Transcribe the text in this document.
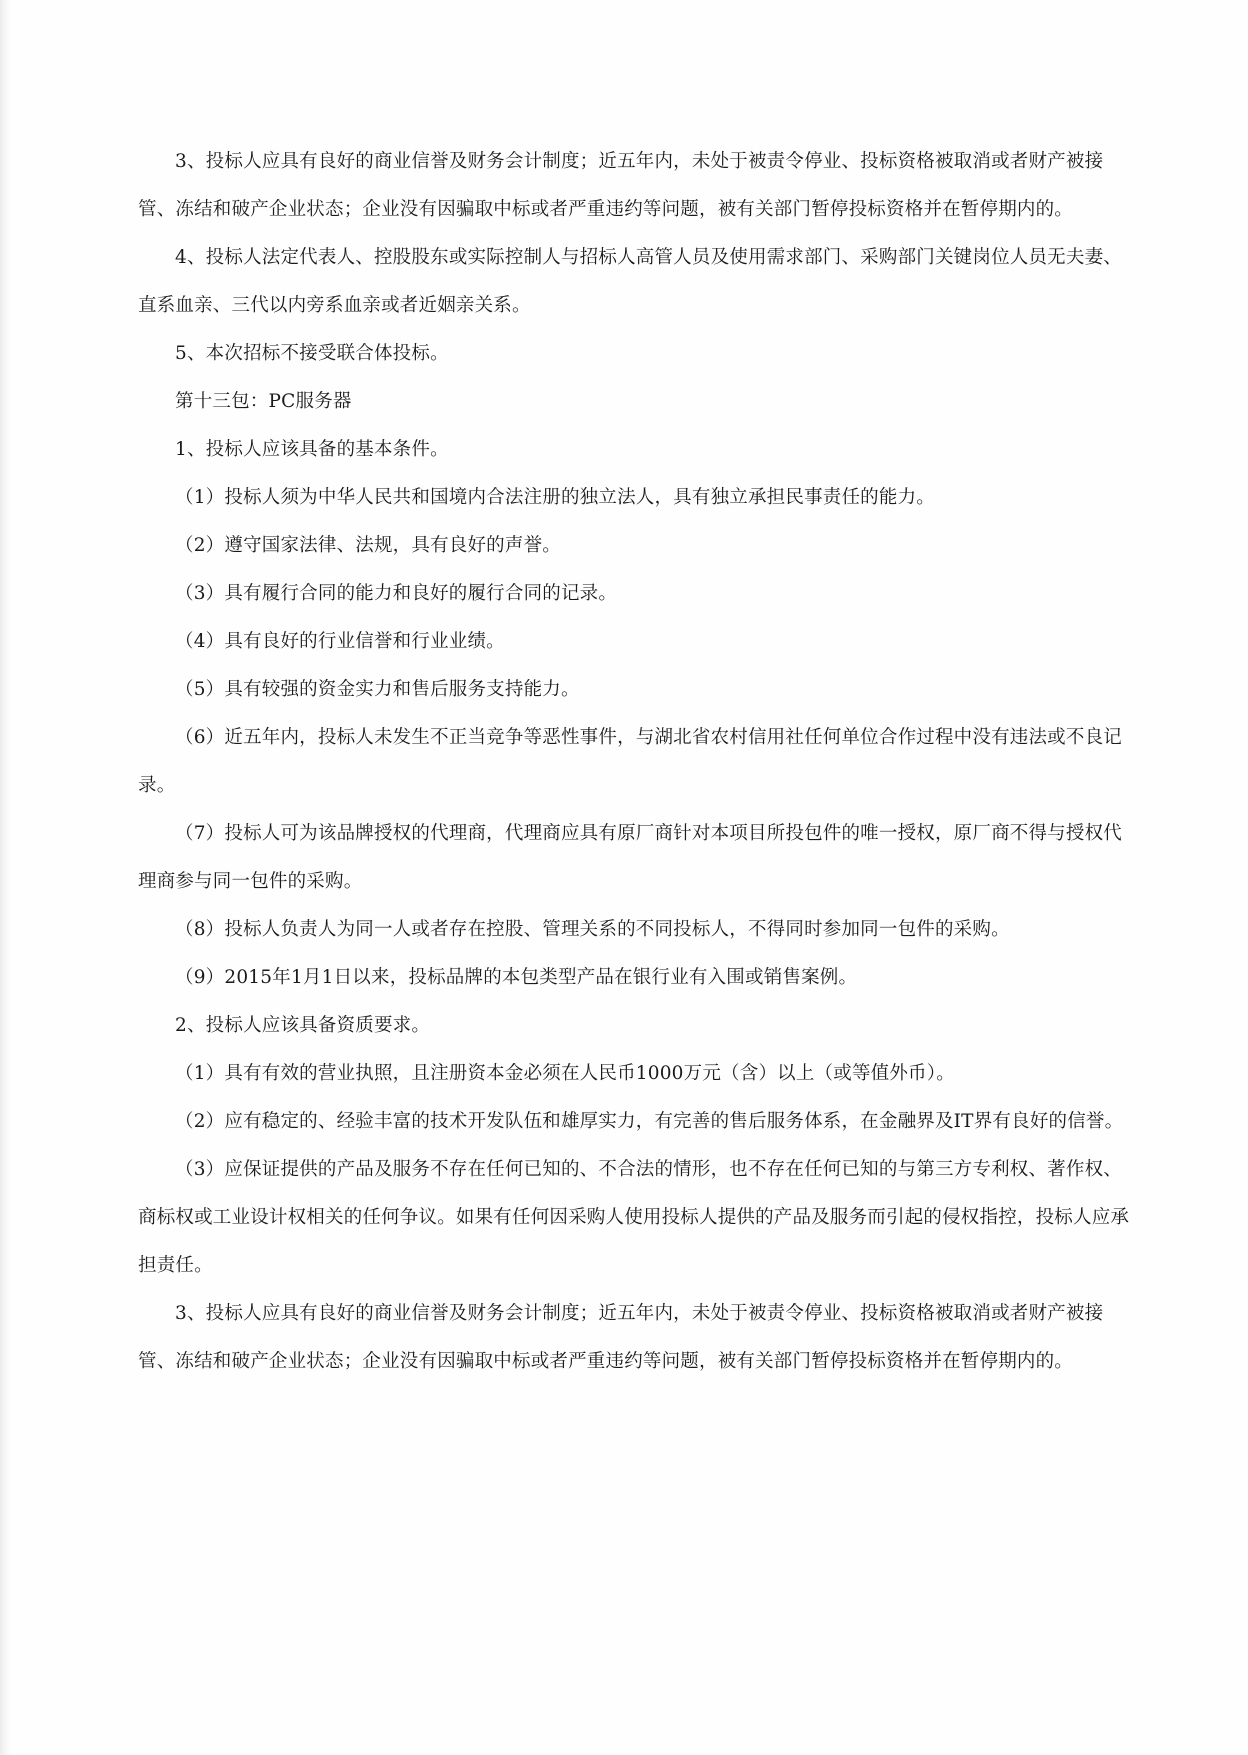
3、投标人应具有良好的商业信誉及财务会计制度；近五年内，未处于被责令停业、投标资格被取消或者财产被接管、冻结和破产企业状态；企业没有因骗取中标或者严重违约等问题，被有关部门暂停投标资格并在暂停期内的。

4、投标人法定代表人、控股股东或实际控制人与招标人高管人员及使用需求部门、采购部门关键岗位人员无夫妻、直系血亲、三代以内旁系血亲或者近姻亲关系。

5、本次招标不接受联合体投标。

第十三包：PC服务器

1、投标人应该具备的基本条件。

（1）投标人须为中华人民共和国境内合法注册的独立法人，具有独立承担民事责任的能力。

（2）遵守国家法律、法规，具有良好的声誉。

（3）具有履行合同的能力和良好的履行合同的记录。

（4）具有良好的行业信誉和行业业绩。

（5）具有较强的资金实力和售后服务支持能力。

（6）近五年内，投标人未发生不正当竞争等恶性事件，与湖北省农村信用社任何单位合作过程中没有违法或不良记录。

（7）投标人可为该品牌授权的代理商，代理商应具有原厂商针对本项目所投包件的唯一授权，原厂商不得与授权代理商参与同一包件的采购。

（8）投标人负责人为同一人或者存在控股、管理关系的不同投标人，不得同时参加同一包件的采购。

（9）2015年1月1日以来，投标品牌的本包类型产品在银行业有入围或销售案例。

2、投标人应该具备资质要求。

（1）具有有效的营业执照，且注册资本金必须在人民币1000万元（含）以上（或等值外币）。

（2）应有稳定的、经验丰富的技术开发队伍和雄厚实力，有完善的售后服务体系，在金融界及IT界有良好的信誉。

（3）应保证提供的产品及服务不存在任何已知的、不合法的情形，也不存在任何已知的与第三方专利权、著作权、商标权或工业设计权相关的任何争议。如果有任何因采购人使用投标人提供的产品及服务而引起的侵权指控，投标人应承担责任。

3、投标人应具有良好的商业信誉及财务会计制度；近五年内，未处于被责令停业、投标资格被取消或者财产被接管、冻结和破产企业状态；企业没有因骗取中标或者严重违约等问题，被有关部门暂停投标资格并在暂停期内的。
